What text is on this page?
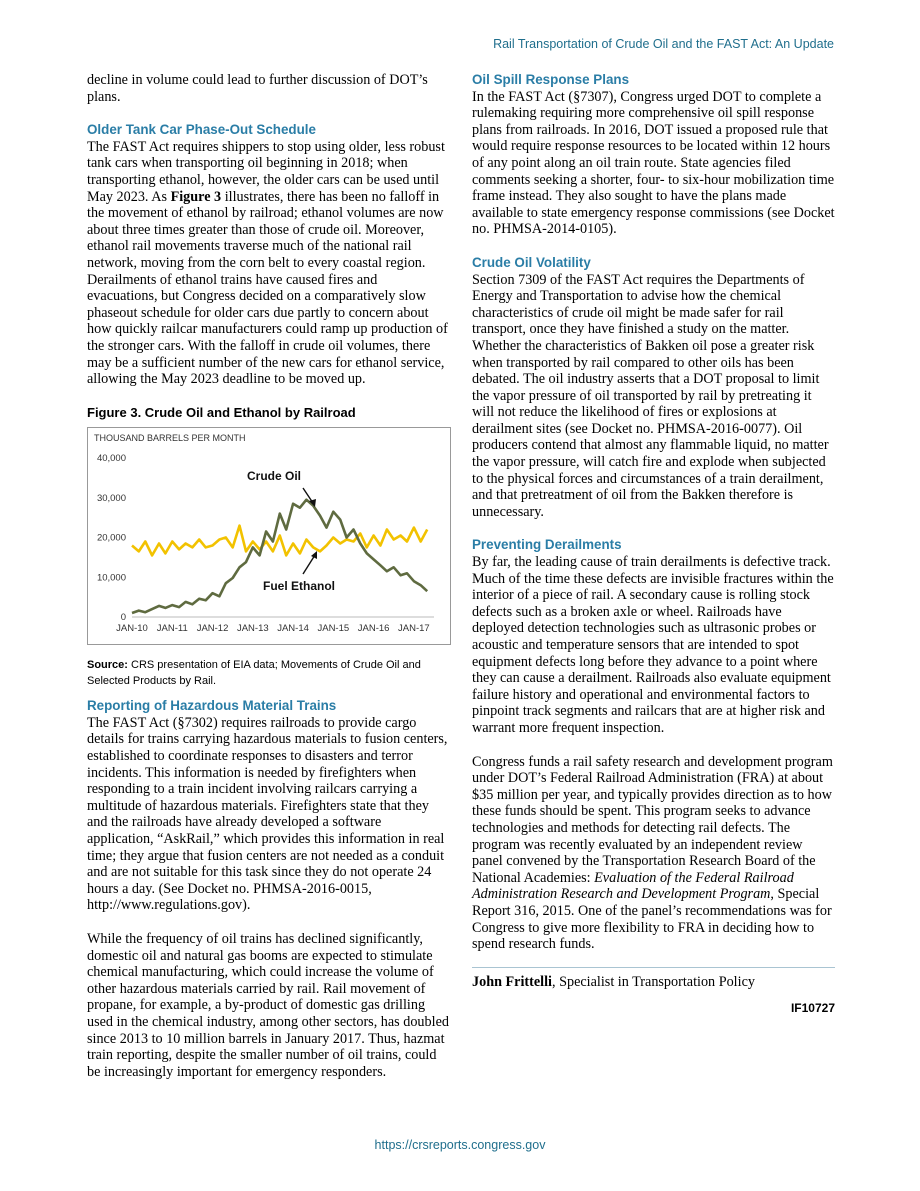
Rail Transportation of Crude Oil and the FAST Act: An Update

decline in volume could lead to further discussion of DOT’s plans.

Older Tank Car Phase-Out Schedule

The FAST Act requires shippers to stop using older, less robust tank cars when transporting oil beginning in 2018; when transporting ethanol, however, the older cars can be used until May 2023. As Figure 3 illustrates, there has been no falloff in the movement of ethanol by railroad; ethanol volumes are now about three times greater than those of crude oil. Moreover, ethanol rail movements traverse much of the national rail network, moving from the corn belt to every coastal region. Derailments of ethanol trains have caused fires and evacuations, but Congress decided on a comparatively slow phaseout schedule for older cars due partly to concern about how quickly railcar manufacturers could ramp up production of the stronger cars. With the falloff in crude oil volumes, there may be a sufficient number of the new cars for ethanol service, allowing the May 2023 deadline to be moved up.

Figure 3. Crude Oil and Ethanol by Railroad
THOUSAND BARRELS PER MONTH
0
10,000
20,000
30,000
40,000
JAN-10 JAN-11 JAN-12 JAN-13 JAN-14 JAN-15 JAN-16 JAN-17
Crude Oil
Fuel Ethanol
Source: CRS presentation of EIA data; Movements of Crude Oil and Selected Products by Rail.
Reporting of Hazardous Material Trains

The FAST Act (§7302) requires railroads to provide cargo details for trains carrying hazardous materials to fusion centers, established to coordinate responses to disasters and terror incidents. This information is needed by firefighters when responding to a train incident involving railcars carrying a multitude of hazardous materials. Firefighters state that they and the railroads have already developed a software application, “AskRail,” which provides this information in real time; they argue that fusion centers are not needed as a conduit and are not suitable for this task since they do not operate 24 hours a day. (See Docket no. PHMSA-2016-0015, http://www.regulations.gov).

While the frequency of oil trains has declined significantly, domestic oil and natural gas booms are expected to stimulate chemical manufacturing, which could increase the volume of other hazardous materials carried by rail. Rail movement of propane, for example, a by-product of domestic gas drilling used in the chemical industry, among other sectors, has doubled since 2013 to 10 million barrels in January 2017. Thus, hazmat train reporting, despite the smaller number of oil trains, could be increasingly important for emergency responders.

Oil Spill Response Plans

In the FAST Act (§7307), Congress urged DOT to complete a rulemaking requiring more comprehensive oil spill response plans from railroads. In 2016, DOT issued a proposed rule that would require response resources to be located within 12 hours of any point along an oil train route. State agencies filed comments seeking a shorter, four- to six-hour mobilization time frame instead. They also sought to have the plans made available to state emergency response commissions (see Docket no. PHMSA-2014-0105).

Crude Oil Volatility

Section 7309 of the FAST Act requires the Departments of Energy and Transportation to advise how the chemical characteristics of crude oil might be made safer for rail transport, once they have finished a study on the matter. Whether the characteristics of Bakken oil pose a greater risk when transported by rail compared to other oils has been debated. The oil industry asserts that a DOT proposal to limit the vapor pressure of oil transported by rail by pretreating it will not reduce the likelihood of fires or explosions at derailment sites (see Docket no. PHMSA-2016-0077). Oil producers contend that almost any flammable liquid, no matter the vapor pressure, will catch fire and explode when subjected to the physical forces and circumstances of a train derailment, and that pretreatment of oil from the Bakken therefore is unnecessary.

Preventing Derailments

By far, the leading cause of train derailments is defective track. Much of the time these defects are invisible fractures within the interior of a piece of rail. A secondary cause is rolling stock defects such as a broken axle or wheel. Railroads have deployed detection technologies such as ultrasonic probes or acoustic and temperature sensors that are intended to spot equipment defects long before they advance to a point where they can cause a derailment. Railroads also evaluate equipment failure history and operational and environmental factors to pinpoint track segments and railcars that are at higher risk and warrant more frequent inspection.

Congress funds a rail safety research and development program under DOT’s Federal Railroad Administration (FRA) at about $35 million per year, and typically provides direction as to how these funds should be spent. This program seeks to advance technologies and methods for detecting rail defects. The program was recently evaluated by an independent review panel convened by the Transportation Research Board of the National Academies: Evaluation of the Federal Railroad Administration Research and Development Program, Special Report 316, 2015. One of the panel’s recommendations was for Congress to give more flexibility to FRA in deciding how to spend research funds.

John Frittelli, Specialist in Transportation Policy

IF10727
https://crsreports.congress.gov
